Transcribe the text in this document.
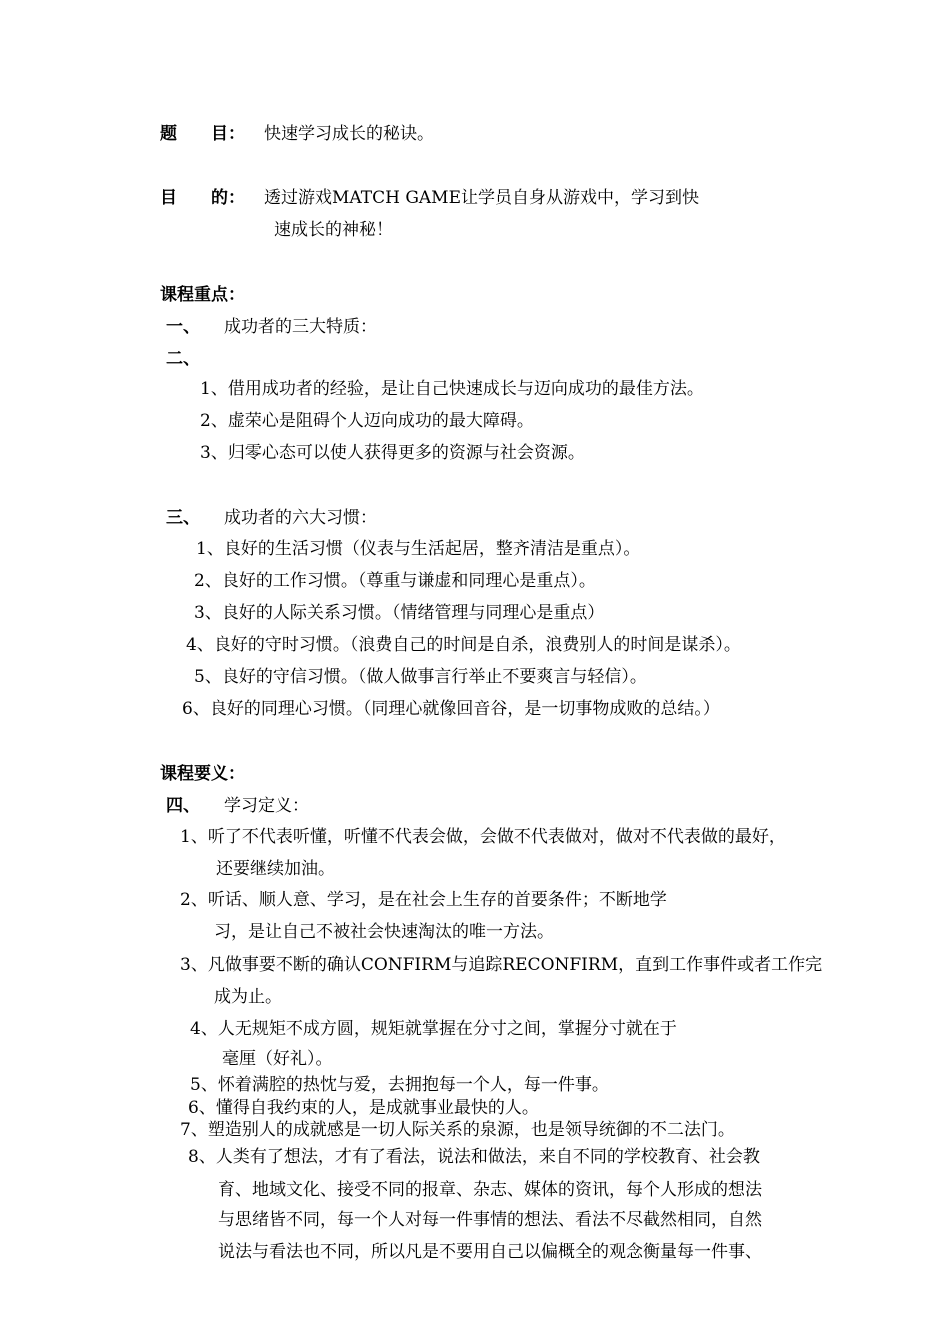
题　　目： 快速学习成长的秘诀。
目　　的： 透过游戏MATCH GAME让学员自身从游戏中，学习到快
速成长的神秘！
课程重点：
一、 成功者的三大特质：
二、
1、借用成功者的经验，是让自己快速成长与迈向成功的最佳方法。
2、虚荣心是阻碍个人迈向成功的最大障碍。
3、归零心态可以使人获得更多的资源与社会资源。
三、 成功者的六大习惯：
1、良好的生活习惯（仪表与生活起居，整齐清洁是重点）。
2、良好的工作习惯。（尊重与谦虚和同理心是重点）。
3、良好的人际关系习惯。（情绪管理与同理心是重点）
4、良好的守时习惯。（浪费自己的时间是自杀，浪费别人的时间是谋杀）。
5、良好的守信习惯。（做人做事言行举止不要爽言与轻信）。
6、良好的同理心习惯。（同理心就像回音谷，是一切事物成败的总结。）
课程要义：
四、 学习定义：
1、听了不代表听懂，听懂不代表会做，会做不代表做对，做对不代表做的最好，
还要继续加油。
2、听话、顺人意、学习，是在社会上生存的首要条件；不断地学
习，是让自己不被社会快速淘汰的唯一方法。
3、凡做事要不断的确认CONFIRM与追踪RECONFIRM，直到工作事件或者工作完
成为止。
4、人无规矩不成方圆，规矩就掌握在分寸之间，掌握分寸就在于
毫厘（好礼）。
5、怀着满腔的热忱与爱，去拥抱每一个人，每一件事。
6、懂得自我约束的人，是成就事业最快的人。
7、塑造别人的成就感是一切人际关系的泉源，也是领导统御的不二法门。
8、人类有了想法，才有了看法，说法和做法，来自不同的学校教育、社会教
育、地域文化、接受不同的报章、杂志、媒体的资讯，每个人形成的想法
与思绪皆不同，每一个人对每一件事情的想法、看法不尽截然相同，自然
说法与看法也不同，所以凡是不要用自己以偏概全的观念衡量每一件事、
